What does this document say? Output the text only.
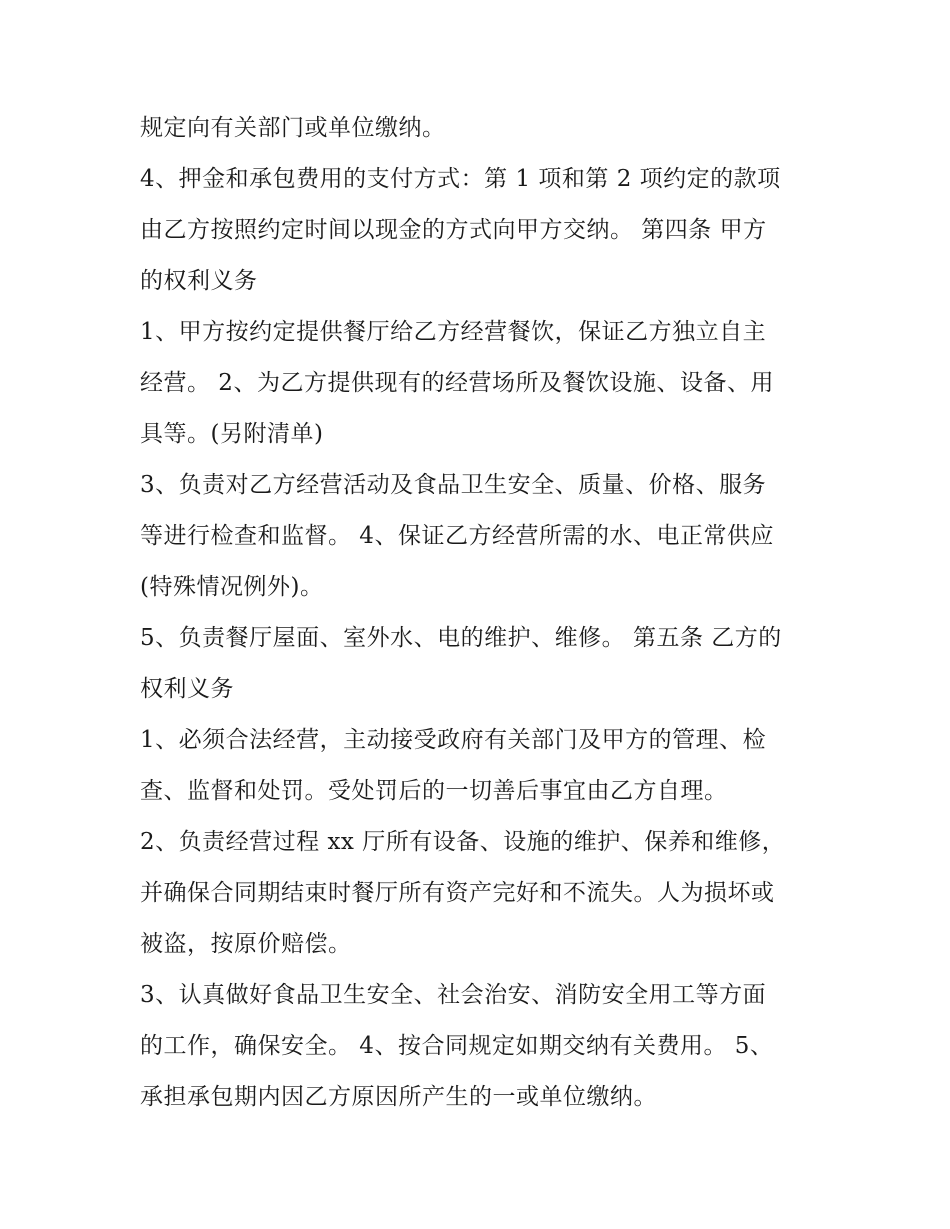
规定向有关部门或单位缴纳。
4、押金和承包费用的支付方式：第 1 项和第 2 项约定的款项
由乙方按照约定时间以现金的方式向甲方交纳。 第四条 甲方
的权利义务
1、甲方按约定提供餐厅给乙方经营餐饮，保证乙方独立自主
经营。 2、为乙方提供现有的经营场所及餐饮设施、设备、用
具等。(另附清单)
3、负责对乙方经营活动及食品卫生安全、质量、价格、服务
等进行检查和监督。 4、保证乙方经营所需的水、电正常供应
(特殊情况例外)。
5、负责餐厅屋面、室外水、电的维护、维修。 第五条 乙方的
权利义务
1、必须合法经营，主动接受政府有关部门及甲方的管理、检
查、监督和处罚。受处罚后的一切善后事宜由乙方自理。
2、负责经营过程 xx 厅所有设备、设施的维护、保养和维修，
并确保合同期结束时餐厅所有资产完好和不流失。人为损坏或
被盗，按原价赔偿。
3、认真做好食品卫生安全、社会治安、消防安全用工等方面
的工作，确保安全。 4、按合同规定如期交纳有关费用。 5、
承担承包期内因乙方原因所产生的一或单位缴纳。
